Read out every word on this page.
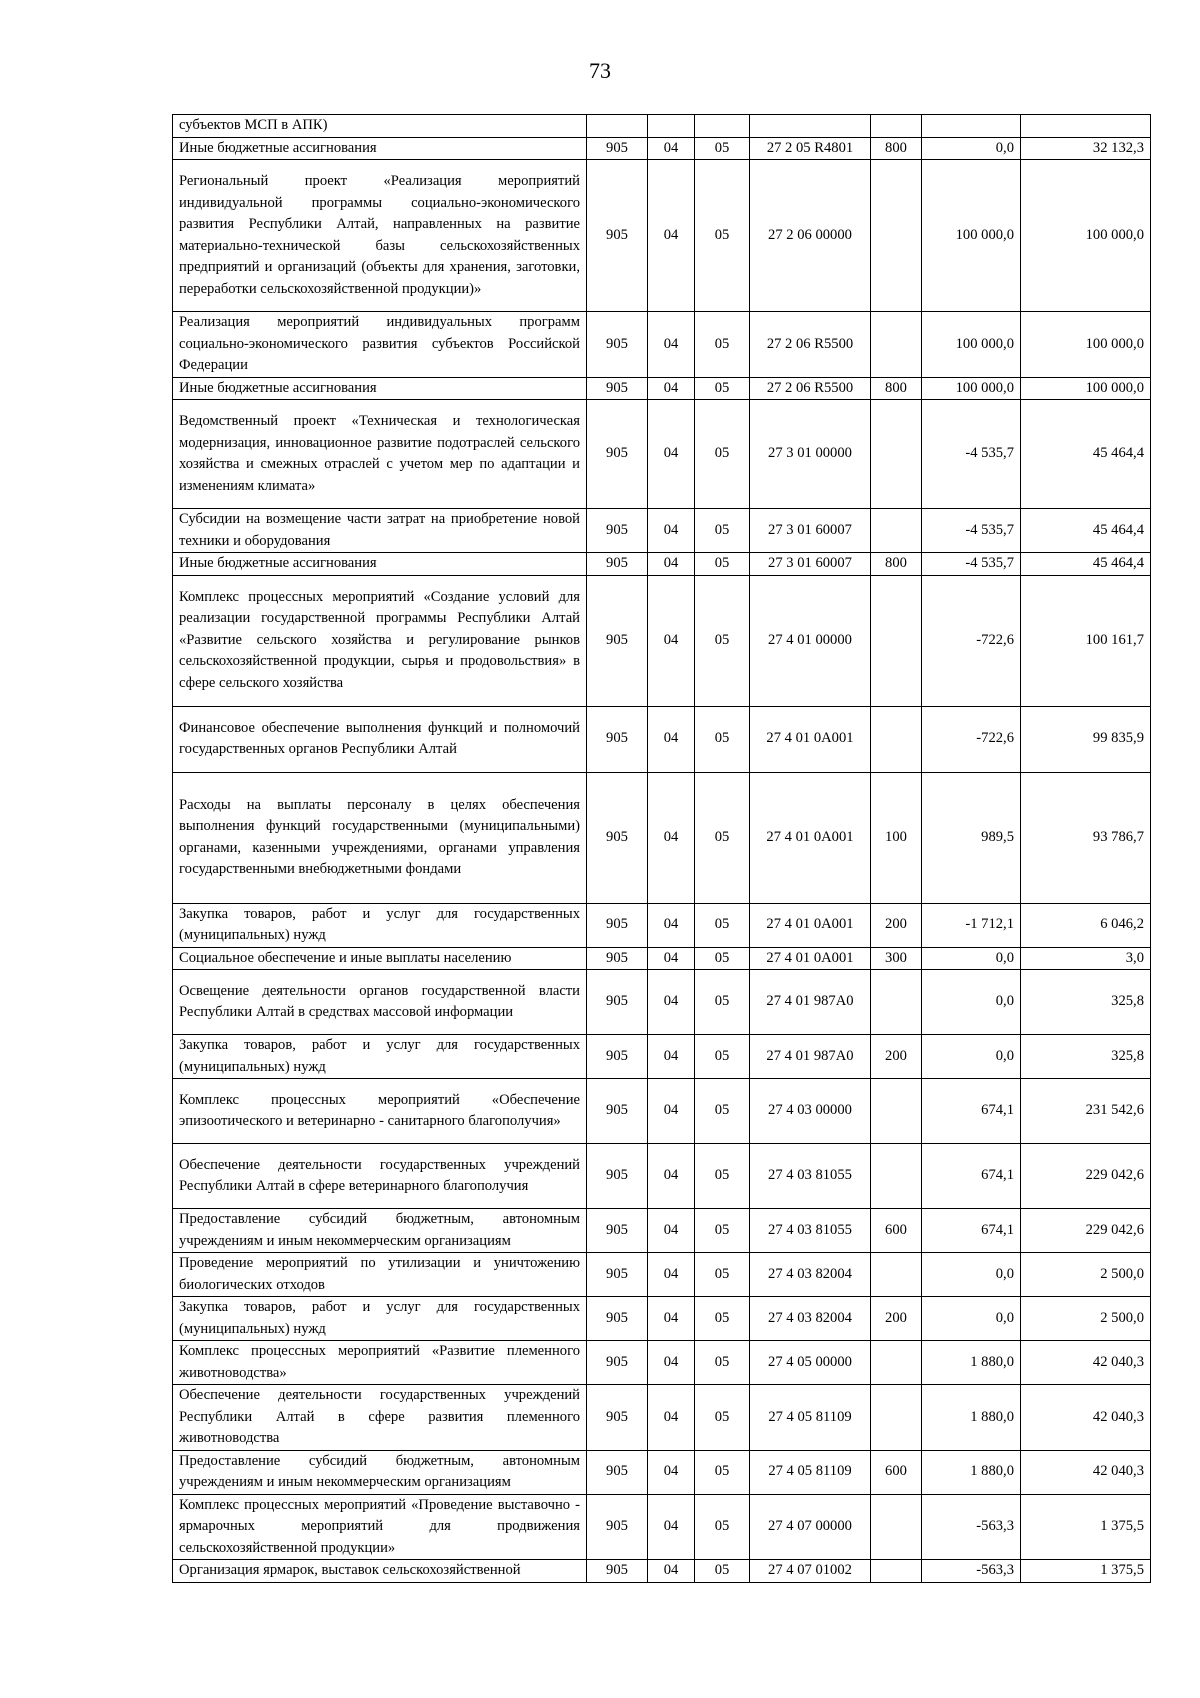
73
субъектов МСП в АПК)							
Иные бюджетные ассигнования	905	04	05	27 2 05 R4801	800	0,0	32 132,3
Региональный проект «Реализация мероприятий индивидуальной программы социально-экономического развития Республики Алтай, направленных на развитие материально-технической базы сельскохозяйственных предприятий и организаций (объекты для хранения, заготовки, переработки сельскохозяйственной продукции)»	905	04	05	27 2 06 00000		100 000,0	100 000,0
Реализация мероприятий индивидуальных программ социально-экономического развития субъектов Российской Федерации	905	04	05	27 2 06 R5500		100 000,0	100 000,0
Иные бюджетные ассигнования	905	04	05	27 2 06 R5500	800	100 000,0	100 000,0
Ведомственный проект «Техническая и технологическая модернизация, инновационное развитие подотраслей сельского хозяйства и смежных отраслей с учетом мер по адаптации и изменениям климата»	905	04	05	27 3 01 00000		-4 535,7	45 464,4
Субсидии на возмещение части затрат на приобретение новой техники и оборудования	905	04	05	27 3 01 60007		-4 535,7	45 464,4
Иные бюджетные ассигнования	905	04	05	27 3 01 60007	800	-4 535,7	45 464,4
Комплекс процессных мероприятий «Создание условий для реализации государственной программы Республики Алтай «Развитие сельского хозяйства и регулирование рынков сельскохозяйственной продукции, сырья и продовольствия» в сфере сельского хозяйства	905	04	05	27 4 01 00000		-722,6	100 161,7
Финансовое обеспечение выполнения функций и полномочий государственных органов Республики Алтай	905	04	05	27 4 01 0А001		-722,6	99 835,9
Расходы на выплаты персоналу в целях обеспечения выполнения функций государственными (муниципальными) органами, казенными учреждениями, органами управления государственными внебюджетными фондами	905	04	05	27 4 01 0А001	100	989,5	93 786,7
Закупка товаров, работ и услуг для государственных (муниципальных) нужд	905	04	05	27 4 01 0А001	200	-1 712,1	6 046,2
Социальное обеспечение и иные выплаты населению	905	04	05	27 4 01 0А001	300	0,0	3,0
Освещение деятельности органов государственной власти Республики Алтай в средствах массовой информации	905	04	05	27 4 01 987А0		0,0	325,8
Закупка товаров, работ и услуг для государственных (муниципальных) нужд	905	04	05	27 4 01 987А0	200	0,0	325,8
Комплекс процессных мероприятий «Обеспечение эпизоотического и ветеринарно - санитарного благополучия»	905	04	05	27 4 03 00000		674,1	231 542,6
Обеспечение деятельности государственных учреждений Республики Алтай в сфере ветеринарного благополучия	905	04	05	27 4 03 81055		674,1	229 042,6
Предоставление субсидий бюджетным, автономным учреждениям и иным некоммерческим организациям	905	04	05	27 4 03 81055	600	674,1	229 042,6
Проведение мероприятий по утилизации и уничтожению биологических отходов	905	04	05	27 4 03 82004		0,0	2 500,0
Закупка товаров, работ и услуг для государственных (муниципальных) нужд	905	04	05	27 4 03 82004	200	0,0	2 500,0
Комплекс процессных мероприятий «Развитие племенного животноводства»	905	04	05	27 4 05 00000		1 880,0	42 040,3
Обеспечение деятельности государственных учреждений Республики Алтай в сфере развития племенного животноводства	905	04	05	27 4 05 81109		1 880,0	42 040,3
Предоставление субсидий бюджетным, автономным учреждениям и иным некоммерческим организациям	905	04	05	27 4 05 81109	600	1 880,0	42 040,3
Комплекс процессных мероприятий «Проведение выставочно - ярмарочных мероприятий для продвижения сельскохозяйственной продукции»	905	04	05	27 4 07 00000		-563,3	1 375,5
Организация ярмарок, выставок сельскохозяйственной	905	04	05	27 4 07 01002		-563,3	1 375,5
